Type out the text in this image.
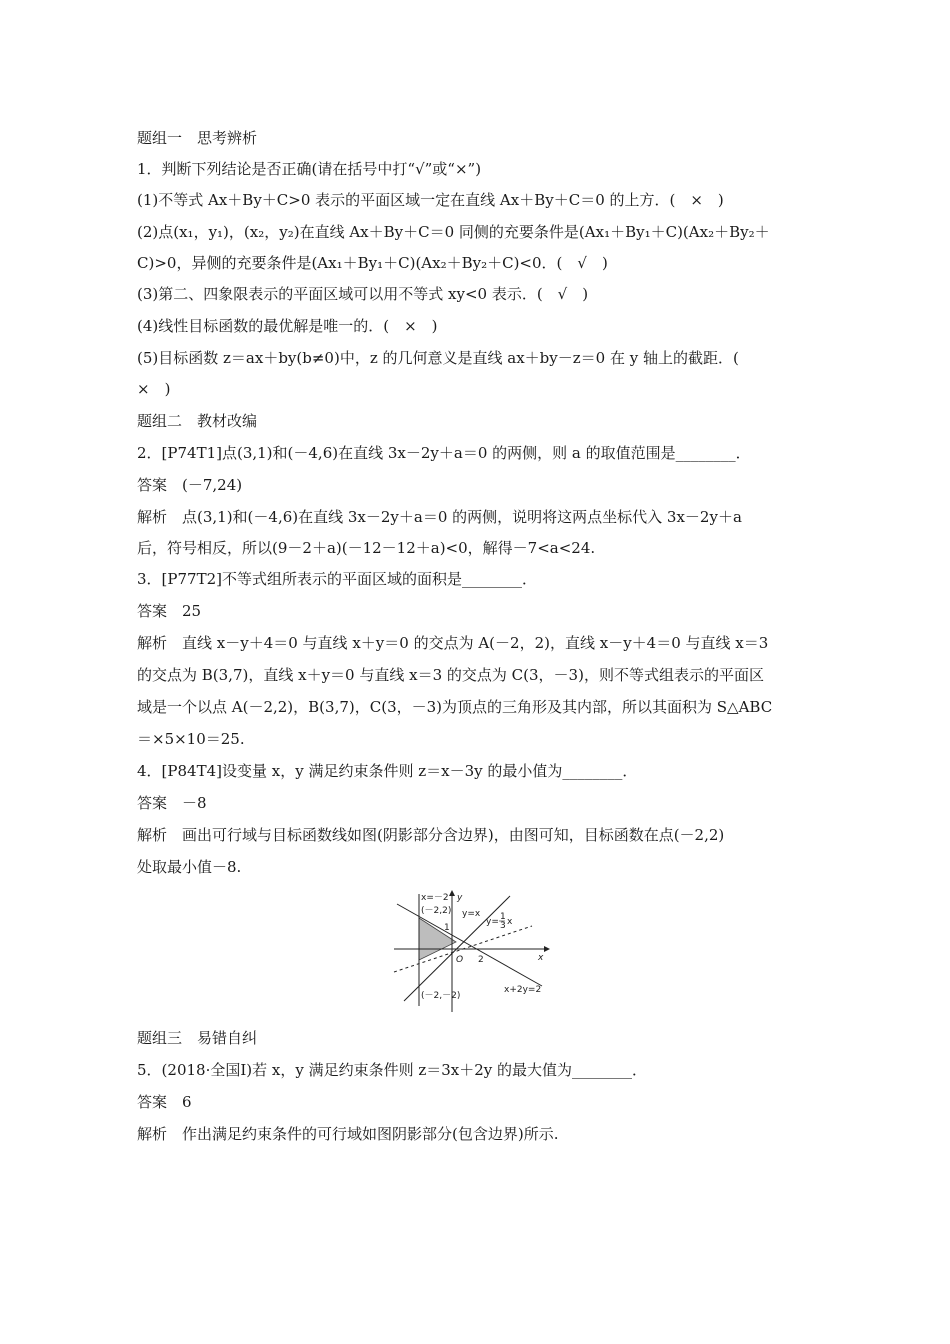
题组一　思考辨析
1．判断下列结论是否正确(请在括号中打“√”或“×”)
(1)不等式 Ax＋By＋C>0 表示的平面区域一定在直线 Ax＋By＋C＝0 的上方．(　×　)
(2)点(x₁，y₁)，(x₂，y₂)在直线 Ax＋By＋C＝0 同侧的充要条件是(Ax₁＋By₁＋C)(Ax₂＋By₂＋
C)>0，异侧的充要条件是(Ax₁＋By₁＋C)(Ax₂＋By₂＋C)<0．(　√　)
(3)第二、四象限表示的平面区域可以用不等式 xy<0 表示．(　√　)
(4)线性目标函数的最优解是唯一的．(　×　)
(5)目标函数 z＝ax＋by(b≠0)中，z 的几何意义是直线 ax＋by－z＝0 在 y 轴上的截距．(
×　)
题组二　教材改编
2．[P74T1]点(3,1)和(－4,6)在直线 3x－2y＋a＝0 的两侧，则 a 的取值范围是________．
答案　(－7,24)
解析　点(3,1)和(－4,6)在直线 3x－2y＋a＝0 的两侧，说明将这两点坐标代入 3x－2y＋a
后，符号相反，所以(9－2＋a)(－12－12＋a)<0，解得－7<a<24.
3．[P77T2]不等式组所表示的平面区域的面积是________．
答案　25
解析　直线 x－y＋4＝0 与直线 x＋y＝0 的交点为 A(－2，2)，直线 x－y＋4＝0 与直线 x＝3
的交点为 B(3,7)，直线 x＋y＝0 与直线 x＝3 的交点为 C(3，－3)，则不等式组表示的平面区
域是一个以点 A(－2,2)，B(3,7)，C(3，－3)为顶点的三角形及其内部，所以其面积为 S△ABC
＝×5×10＝25.
4．[P84T4]设变量 x，y 满足约束条件则 z＝x－3y 的最小值为________．
答案　－8
解析　画出可行域与目标函数线如图(阴影部分含边界)，由图可知，目标函数在点(－2,2)
处取最小值－8.
题组三　易错自纠
5．(2018·全国Ⅰ)若 x，y 满足约束条件则 z＝3x＋2y 的最大值为________．
答案　6
解析　作出满足约束条件的可行域如图阴影部分(包含边界)所示.
x=－2
(－2,2)
y
y=x
y= 1
3 x
1
O 2	x
(－2,－2)
x+2y=2
